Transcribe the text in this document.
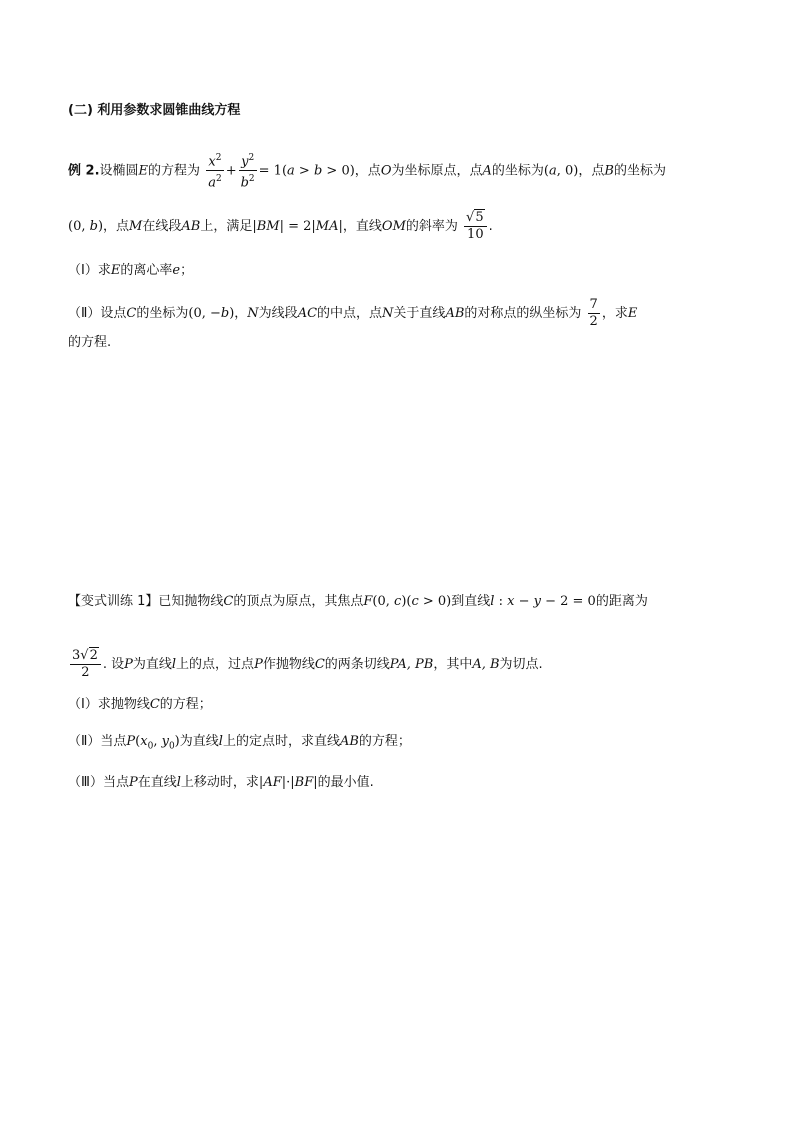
(二) 利用参数求圆锥曲线方程
例 2.设椭圆E的方程为 $\frac{x^2}{a^2} + \frac{y^2}{b^2} = 1(a > b > 0)$，点O为坐标原点，点A的坐标为(a, 0)，点B的坐标为
(0, b)，点M在线段AB上，满足|BM| = 2|MA|，直线OM的斜率为 $\frac{√5}{10}$ .
（Ⅰ）求E的离心率e；
（Ⅱ）设点C的坐标为(0, −b)，N为线段AC的中点，点N关于直线AB的对称点的纵坐标为 $\frac{7}{2}$ ，求E
的方程.
【变式训练 1】已知抛物线C的顶点为原点，其焦点F(0, c)(c > 0)到直线l : x − y − 2 = 0的距离为
$\frac{3√2}{2}$ . 设P为直线l上的点，过点P作抛物线C的两条切线PA, PB，其中A, B为切点.
（Ⅰ）求抛物线C的方程；
（Ⅱ）当点$P(x_0$, $y_0$)为直线l上的定点时，求直线AB的方程；
（Ⅲ）当点P在直线l上移动时，求|AF|·|BF|的最小值.
